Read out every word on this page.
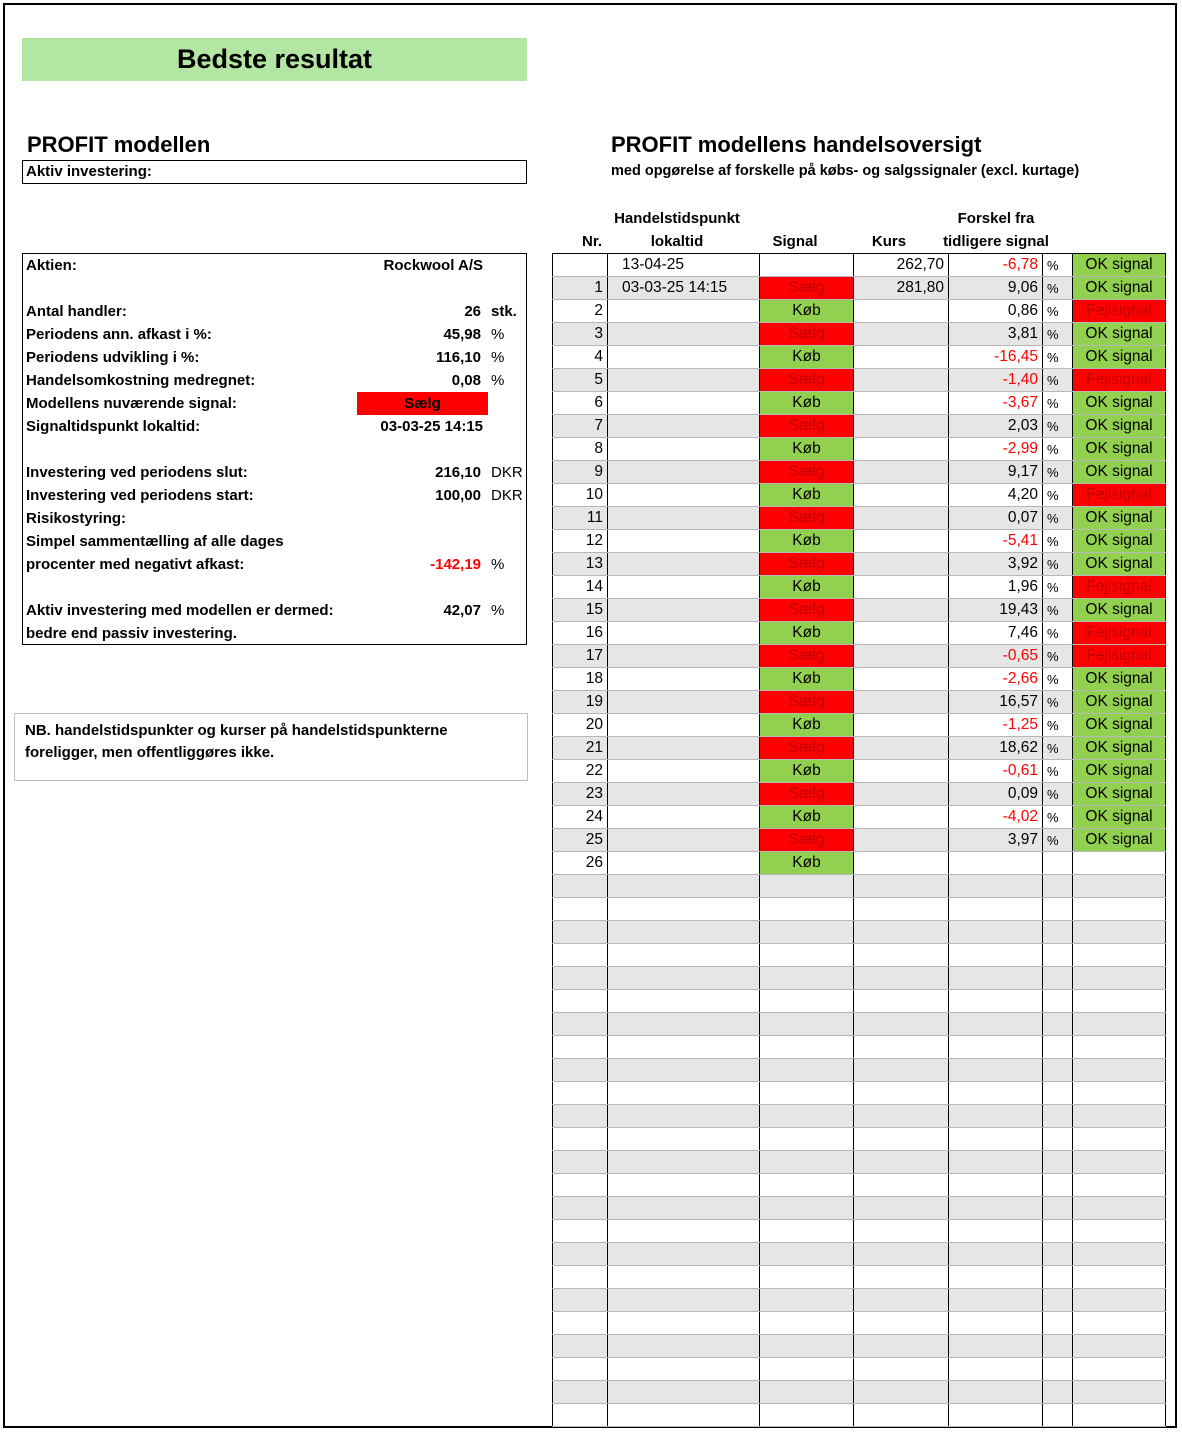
Bedste resultat
PROFIT modellen
Aktiv investering:
Aktien:	Rockwool A/S
Antal handler:	26 stk.
Periodens ann. afkast i %:	45,98 %
Periodens udvikling i %:	116,10 %
Handelsomkostning medregnet:	0,08 %
Modellens nuværende signal:	Sælg
Signaltidspunkt lokaltid:	03-03-25 14:15
Investering ved periodens slut:	216,10 DKR
Investering ved periodens start:	100,00 DKR
Risikostyring:
Simpel sammentælling af alle dages
procenter med negativt afkast:	-142,19 %
Aktiv investering med modellen er dermed:	42,07 %
bedre end passiv investering.
NB. handelstidspunkter og kurser på handelstidspunkterne
foreligger, men offentliggøres ikke.
PROFIT modellens handelsoversigt
med opgørelse af forskelle på købs- og salgssignaler (excl. kurtage)
Nr.
Handelstidspunkt
lokaltid	Signal	Kurs
Forskel fra
tidligere signal
	13-04-25		262,70	-6,78	%	OK signal
1	03-03-25 14:15	Sælg	281,80	9,06	%	OK signal
2		Køb		0,86	%	Fejlsignal
3		Sælg		3,81	%	OK signal
4		Køb		-16,45	%	OK signal
5		Sælg		-1,40	%	Fejlsignal
6		Køb		-3,67	%	OK signal
7		Sælg		2,03	%	OK signal
8		Køb		-2,99	%	OK signal
9		Sælg		9,17	%	OK signal
10		Køb		4,20	%	Fejlsignal
11		Sælg		0,07	%	OK signal
12		Køb		-5,41	%	OK signal
13		Sælg		3,92	%	OK signal
14		Køb		1,96	%	Fejlsignal
15		Sælg		19,43	%	OK signal
16		Køb		7,46	%	Fejlsignal
17		Sælg		-0,65	%	Fejlsignal
18		Køb		-2,66	%	OK signal
19		Sælg		16,57	%	OK signal
20		Køb		-1,25	%	OK signal
21		Sælg		18,62	%	OK signal
22		Køb		-0,61	%	OK signal
23		Sælg		0,09	%	OK signal
24		Køb		-4,02	%	OK signal
25		Sælg		3,97	%	OK signal
26		Køb				
